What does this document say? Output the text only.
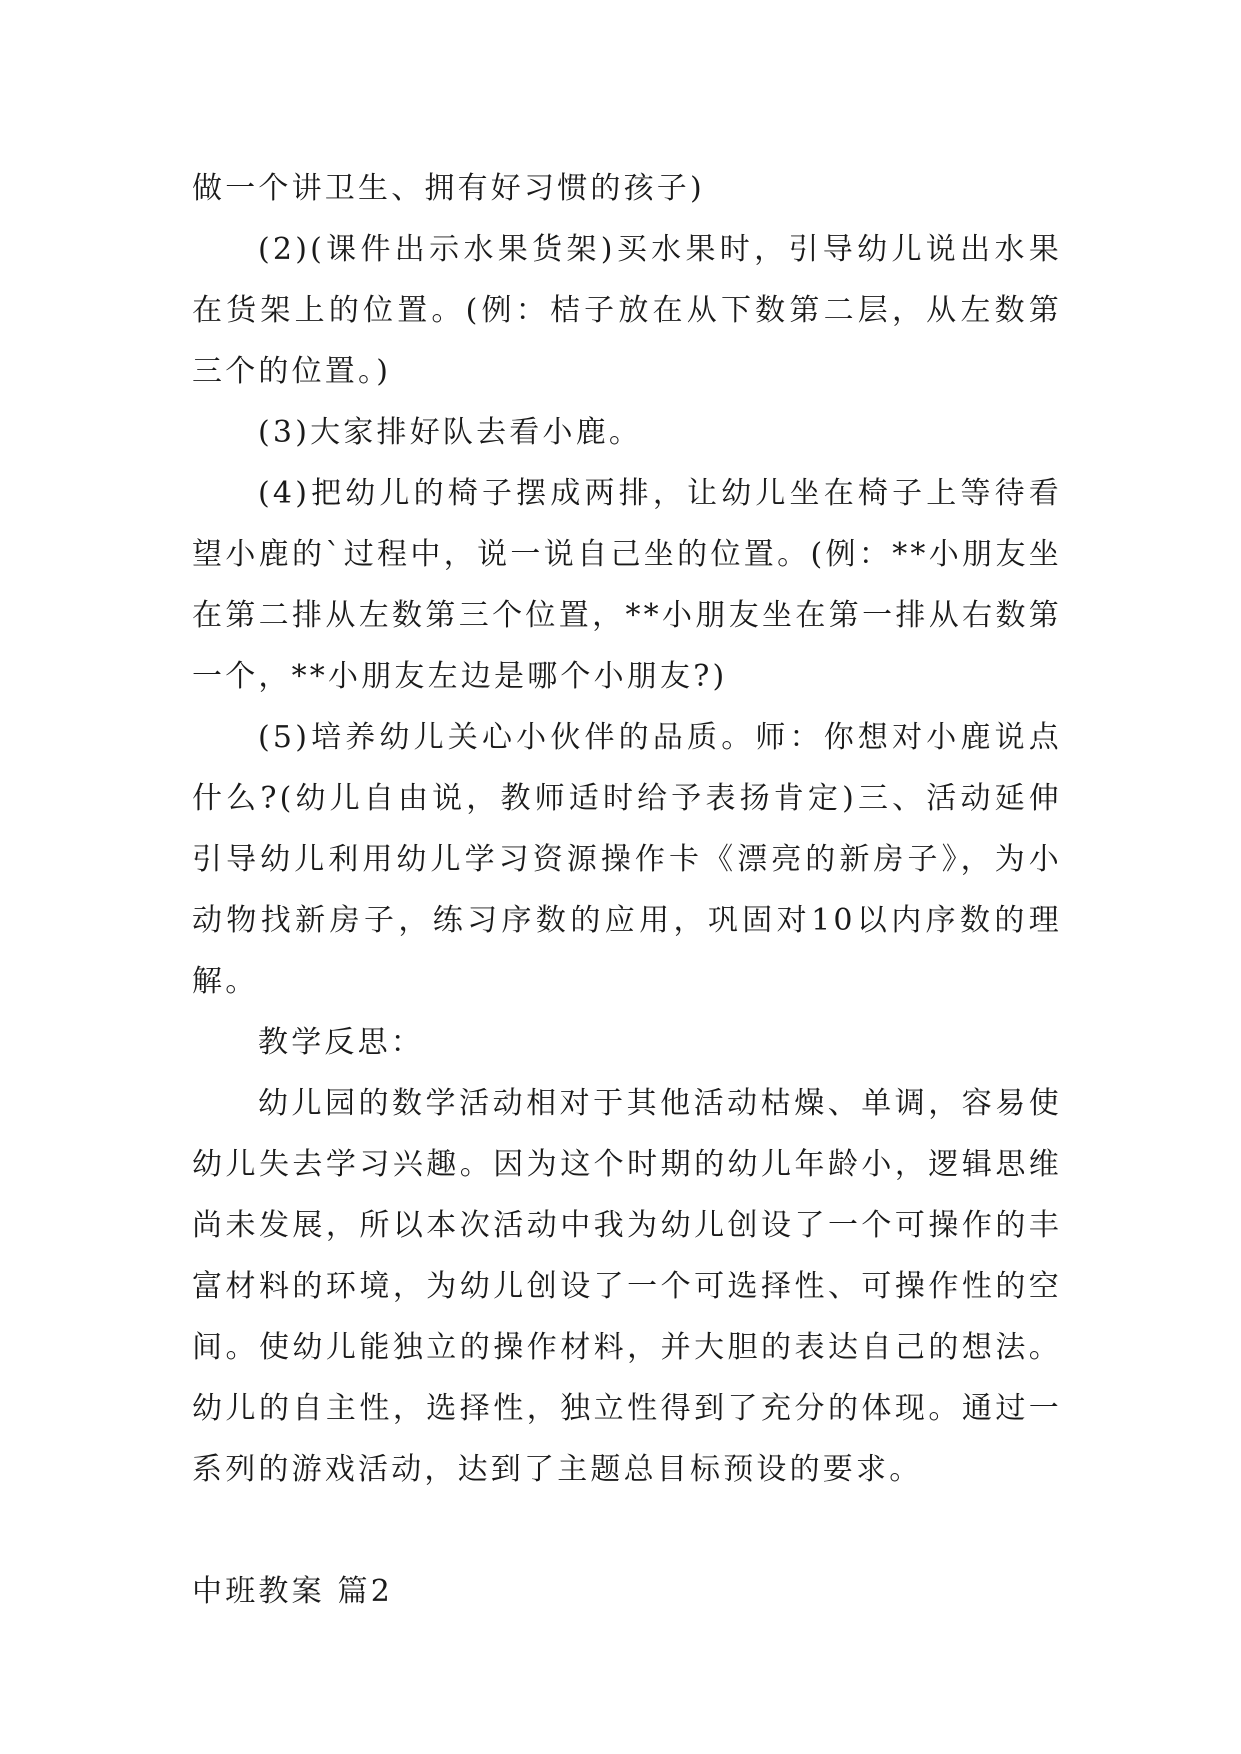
做一个讲卫生、拥有好习惯的孩子)

(2)(课件出示水果货架)买水果时，引导幼儿说出水果在货架上的位置。(例：桔子放在从下数第二层，从左数第三个的位置。)

(3)大家排好队去看小鹿。

(4)把幼儿的椅子摆成两排，让幼儿坐在椅子上等待看望小鹿的`过程中，说一说自己坐的位置。(例：**小朋友坐在第二排从左数第三个位置，**小朋友坐在第一排从右数第一个，**小朋友左边是哪个小朋友?)

(5)培养幼儿关心小伙伴的品质。师：你想对小鹿说点什么?(幼儿自由说，教师适时给予表扬肯定)三、活动延伸引导幼儿利用幼儿学习资源操作卡《漂亮的新房子》，为小动物找新房子，练习序数的应用，巩固对10以内序数的理解。

教学反思：

幼儿园的数学活动相对于其他活动枯燥、单调，容易使幼儿失去学习兴趣。因为这个时期的幼儿年龄小，逻辑思维尚未发展，所以本次活动中我为幼儿创设了一个可操作的丰富材料的环境，为幼儿创设了一个可选择性、可操作性的空间。使幼儿能独立的操作材料，并大胆的表达自己的想法。幼儿的自主性，选择性，独立性得到了充分的体现。通过一系列的游戏活动，达到了主题总目标预设的要求。

中班教案 篇2
